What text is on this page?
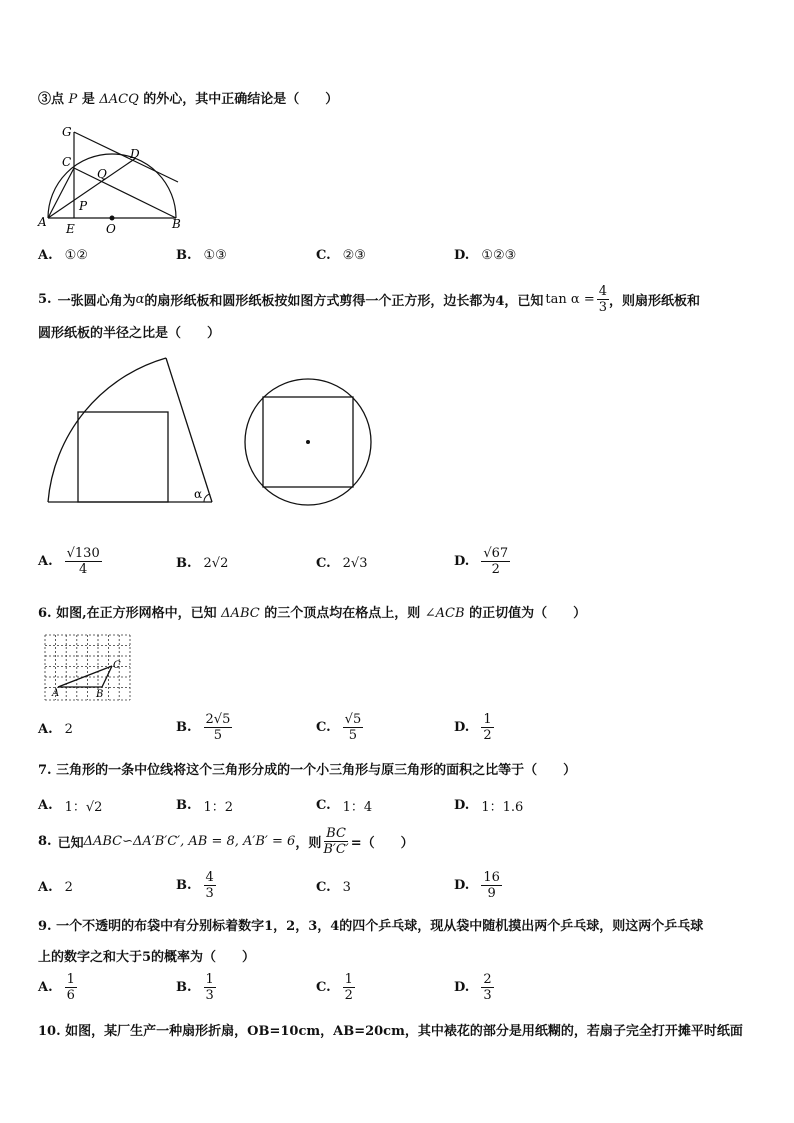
③点 P 是 ΔACQ 的外心，其中正确结论是（　　）
G
C
D
Q
P
A E	O	B
A. ①②	B. ①③	C. ②③	D. ①②③
5. 一张圆心角为 α 的扇形纸板和圆形纸板按如图方式剪得一个正方形，边长都为4，已知 $\tan \alpha = \frac{4}{3}$ ，则扇形纸板和
圆形纸板的半径之比是（　　）
α
A. $\frac{√130}{4}$	B. 2√2	C. 2√3	D. $\frac{√67}{2}$
6. 如图,在正方形网格中，已知 ΔABC 的三个顶点均在格点上，则 ∠ACB 的正切值为（　　）
A	B
C
A. 2	B. $\frac{2√5}{5}$	C. $\frac{√5}{5}$	D. $\frac{1}{2}$
7. 三角形的一条中位线将这个三角形分成的一个小三角形与原三角形的面积之比等于（　　）
A. 1：√2	B. 1：2	C. 1：4	D. 1：1.6
8. 已知 ΔABC∽ΔA′B′C′, AB = 8, A′B′ = 6 ，则 $\frac{BC}{B'C'}$ =（　　）
A. 2	B. $\frac{4}{3}$	C. 3	D. $\frac{16}{9}$
9. 一个不透明的布袋中有分别标着数字1，2，3，4的四个乒乓球，现从袋中随机摸出两个乒乓球，则这两个乒乓球
上的数字之和大于5的概率为（　　）
A. $\frac{1}{6}$	B. $\frac{1}{3}$	C. $\frac{1}{2}$	D. $\frac{2}{3}$
10. 如图，某厂生产一种扇形折扇，OB=10cm，AB=20cm，其中裱花的部分是用纸糊的，若扇子完全打开摊平时纸面
